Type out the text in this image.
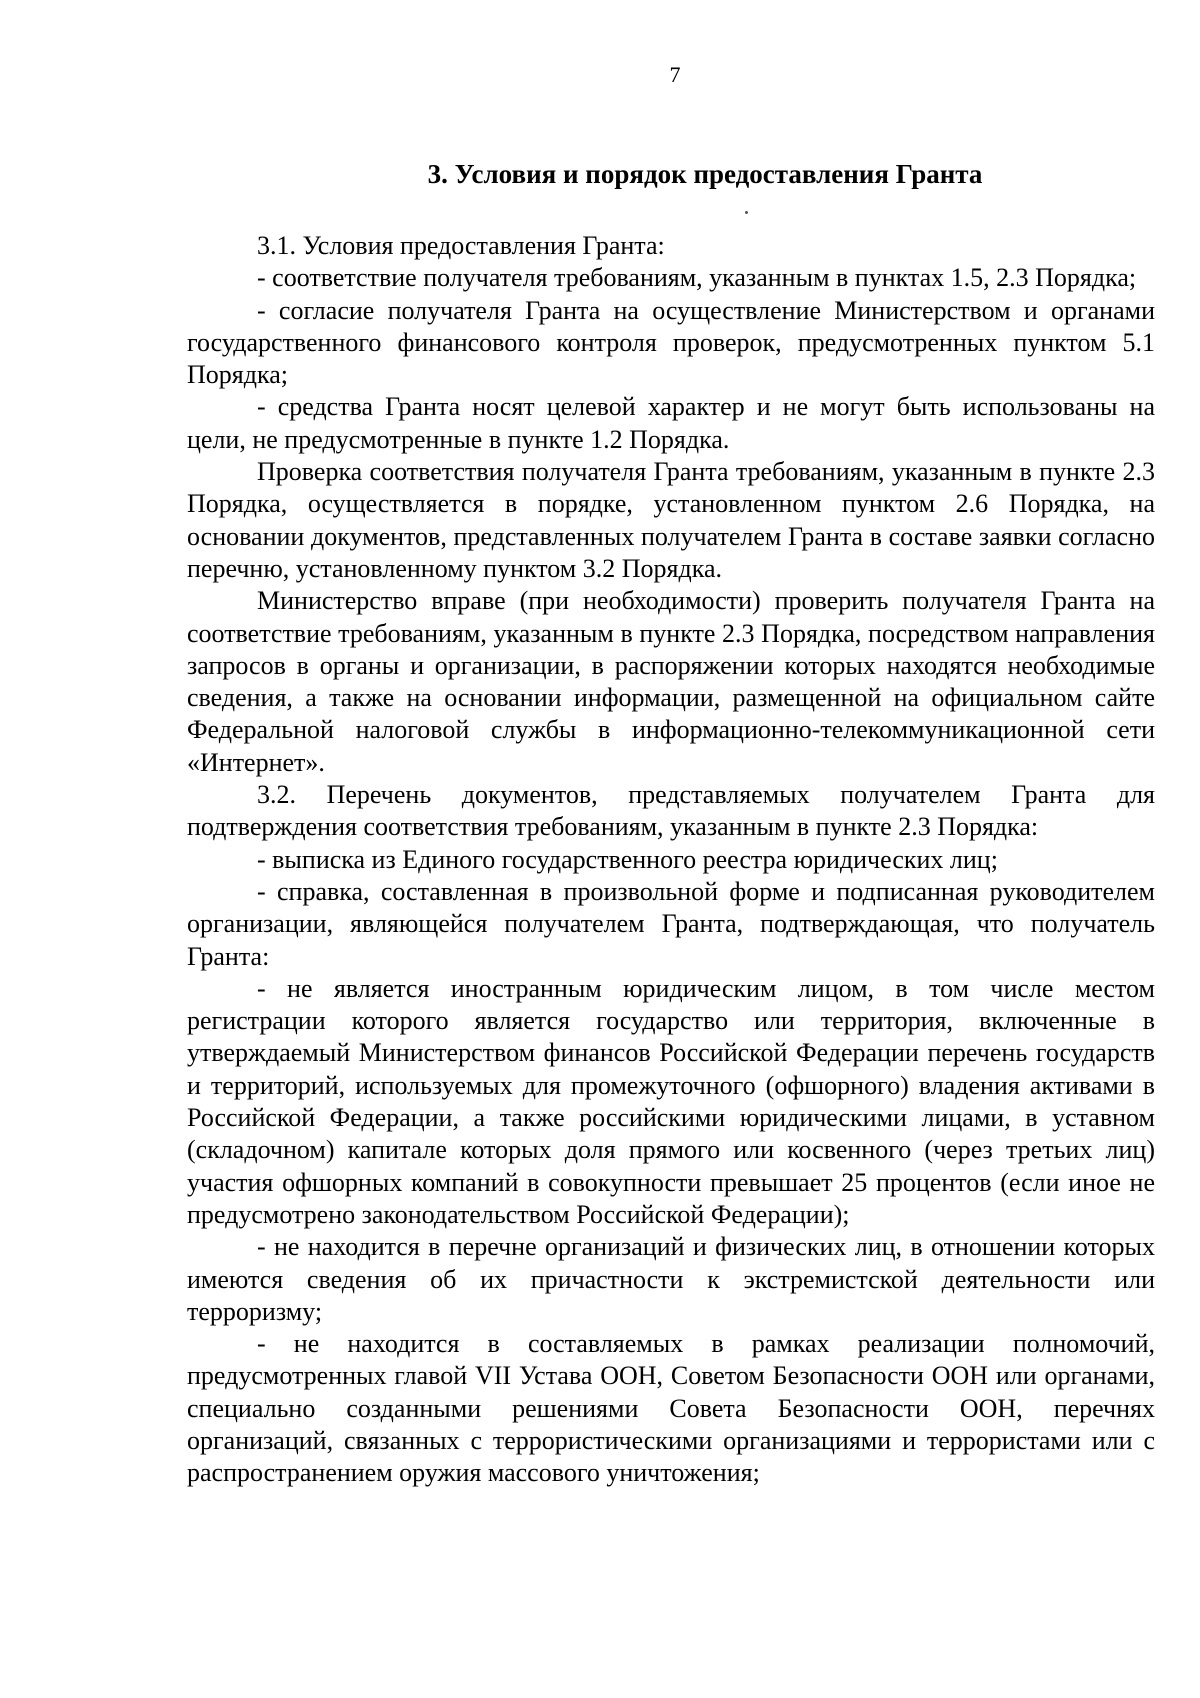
7
3. Условия и порядок предоставления Гранта

3.1. Условия предоставления Гранта:

- соответствие получателя требованиям, указанным в пунктах 1.5, 2.3 Порядка;

- согласие получателя Гранта на осуществление Министерством и органами государственного финансового контроля проверок, предусмотренных пунктом 5.1 Порядка;

- средства Гранта носят целевой характер и не могут быть использованы на цели, не предусмотренные в пункте 1.2 Порядка.

Проверка соответствия получателя Гранта требованиям, указанным в пункте 2.3 Порядка, осуществляется в порядке, установленном пунктом 2.6 Порядка, на основании документов, представленных получателем Гранта в составе заявки согласно перечню, установленному пунктом 3.2 Порядка.

Министерство вправе (при необходимости) проверить получателя Гранта на соответствие требованиям, указанным в пункте 2.3 Порядка, посредством направления запросов в органы и организации, в распоряжении которых находятся необходимые сведения, а также на основании информации, размещенной на официальном сайте Федеральной налоговой службы в информационно-телекоммуникационной сети «Интернет».

3.2. Перечень документов, представляемых получателем Гранта для подтверждения соответствия требованиям, указанным в пункте 2.3 Порядка:

- выписка из Единого государственного реестра юридических лиц;

- справка, составленная в произвольной форме и подписанная руководителем организации, являющейся получателем Гранта, подтверждающая, что получатель Гранта:

- не является иностранным юридическим лицом, в том числе местом регистрации которого является государство или территория, включенные в утверждаемый Министерством финансов Российской Федерации перечень государств и территорий, используемых для промежуточного (офшорного) владения активами в Российской Федерации, а также российскими юридическими лицами, в уставном (складочном) капитале которых доля прямого или косвенного (через третьих лиц) участия офшорных компаний в совокупности превышает 25 процентов (если иное не предусмотрено законодательством Российской Федерации);

- не находится в перечне организаций и физических лиц, в отношении которых имеются сведения об их причастности к экстремистской деятельности или терроризму;

- не находится в составляемых в рамках реализации полномочий, предусмотренных главой VII Устава ООН, Советом Безопасности ООН или органами, специально созданными решениями Совета Безопасности ООН, перечнях организаций, связанных с террористическими организациями и террористами или с распространением оружия массового уничтожения;
